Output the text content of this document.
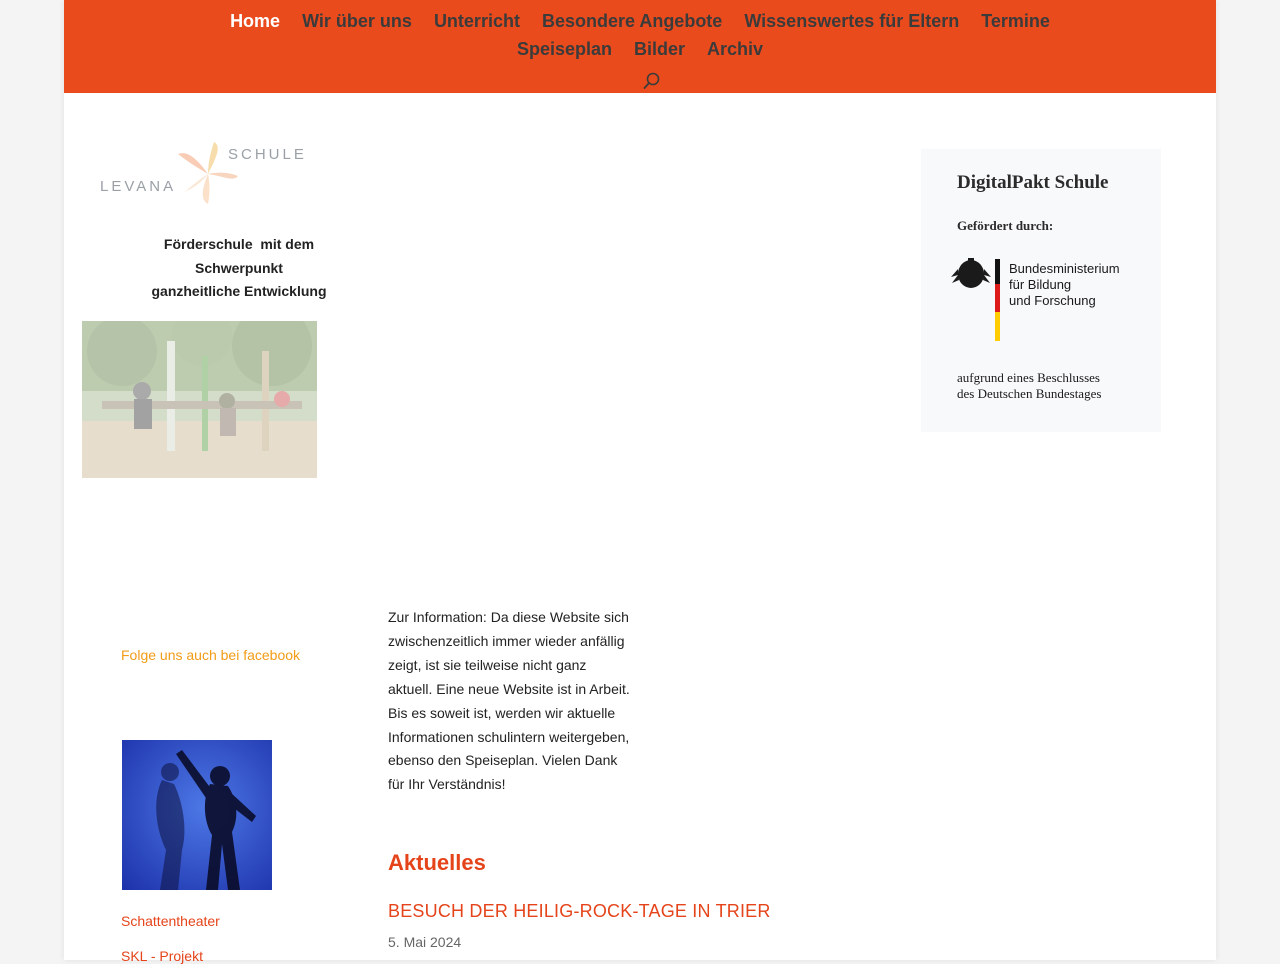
Home Wir über uns Unterricht Besondere Angebote Wissenswertes für Eltern Termine
Speiseplan Bilder Archiv
SCHULE
LEVANA
Förderschule  mit dem
Schwerpunkt
ganzheitliche Entwicklung
Folge uns auch bei facebook
Schattentheater
SKL - Projekt
Zur Information: Da diese Website sich zwischenzeitlich immer wieder anfällig zeigt, ist sie teilweise nicht ganz aktuell. Eine neue Website ist in Arbeit. Bis es soweit ist, werden wir aktuelle Informationen schulintern weitergeben, ebenso den Speiseplan. Vielen Dank für Ihr Verständnis!
Aktuelles
BESUCH DER HEILIG-ROCK-TAGE IN TRIER
5. Mai 2024
DigitalPakt Schule
Gefördert durch:
Bundesministerium
für Bildung
und Forschung
aufgrund eines Beschlusses
des Deutschen Bundestages
